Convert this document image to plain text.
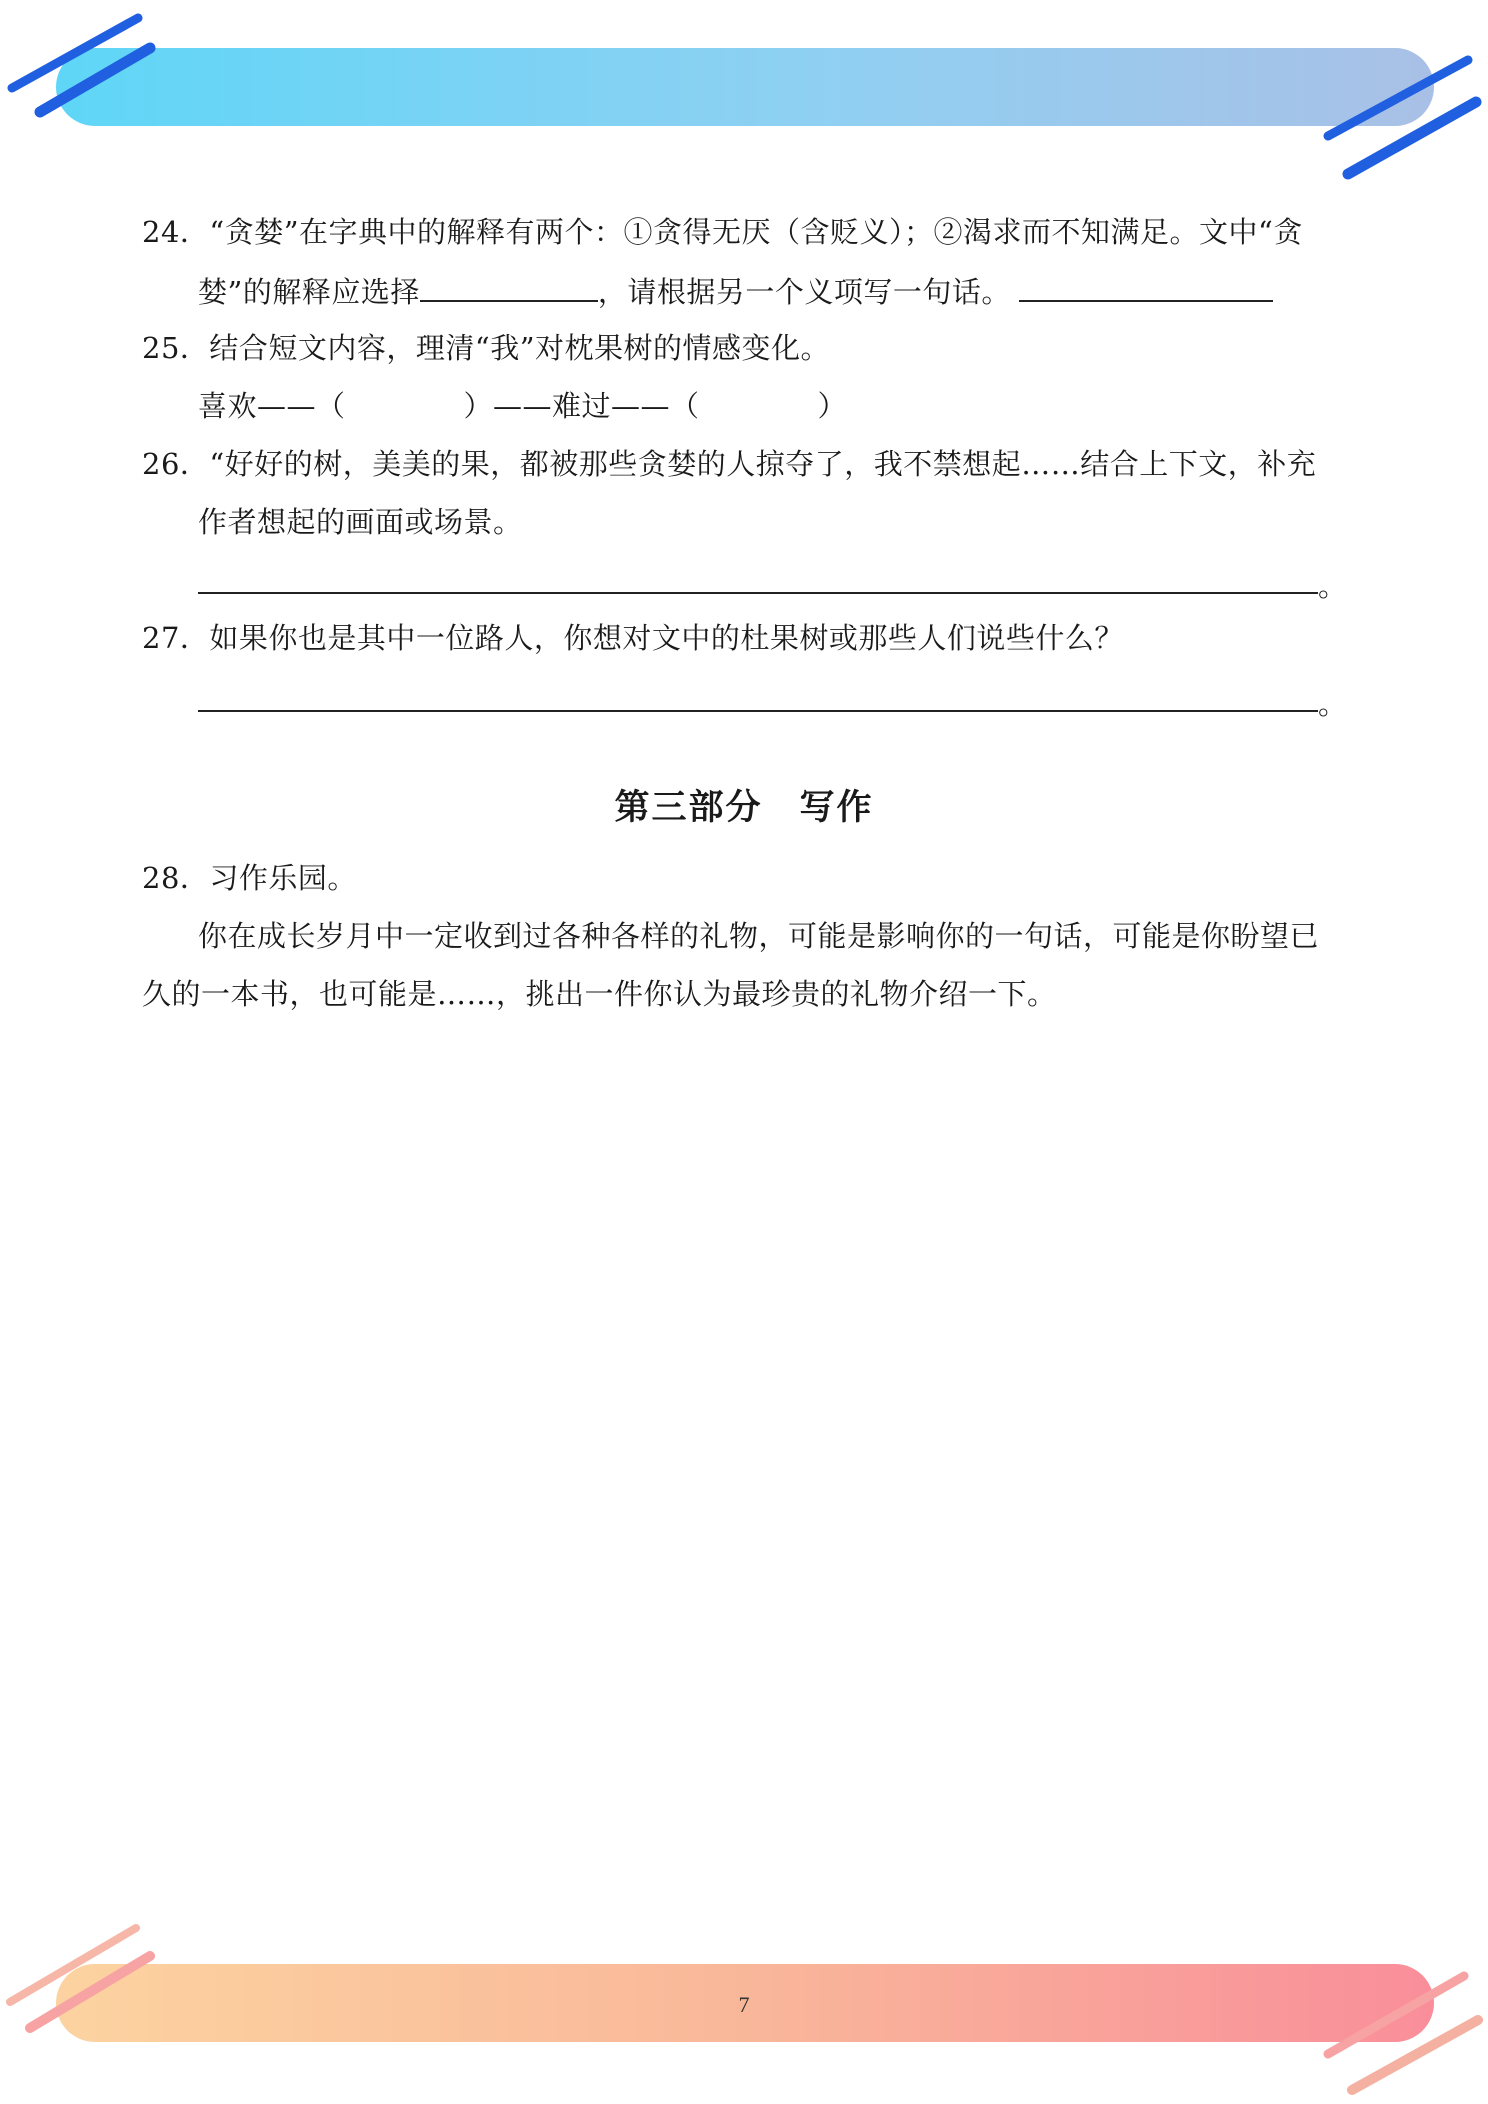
24．“贪婪”在字典中的解释有两个：①贪得无厌（含贬义）；②渴求而不知满足。文中“贪
婪”的解释应选择	，请根据另一个义项写一句话。
25．结合短文内容，理清“我”对枕果树的情感变化。
喜欢——（　　　　）——难过——（　　　　）
26．“好好的树，美美的果，都被那些贪婪的人掠夺了，我不禁想起……结合上下文，补充
作者想起的画面或场景。
。
27．如果你也是其中一位路人，你想对文中的杜果树或那些人们说些什么？
。
第三部分　写作
28．习作乐园。
你在成长岁月中一定收到过各种各样的礼物，可能是影响你的一句话，可能是你盼望已
久的一本书，也可能是……，挑出一件你认为最珍贵的礼物介绍一下。
7
